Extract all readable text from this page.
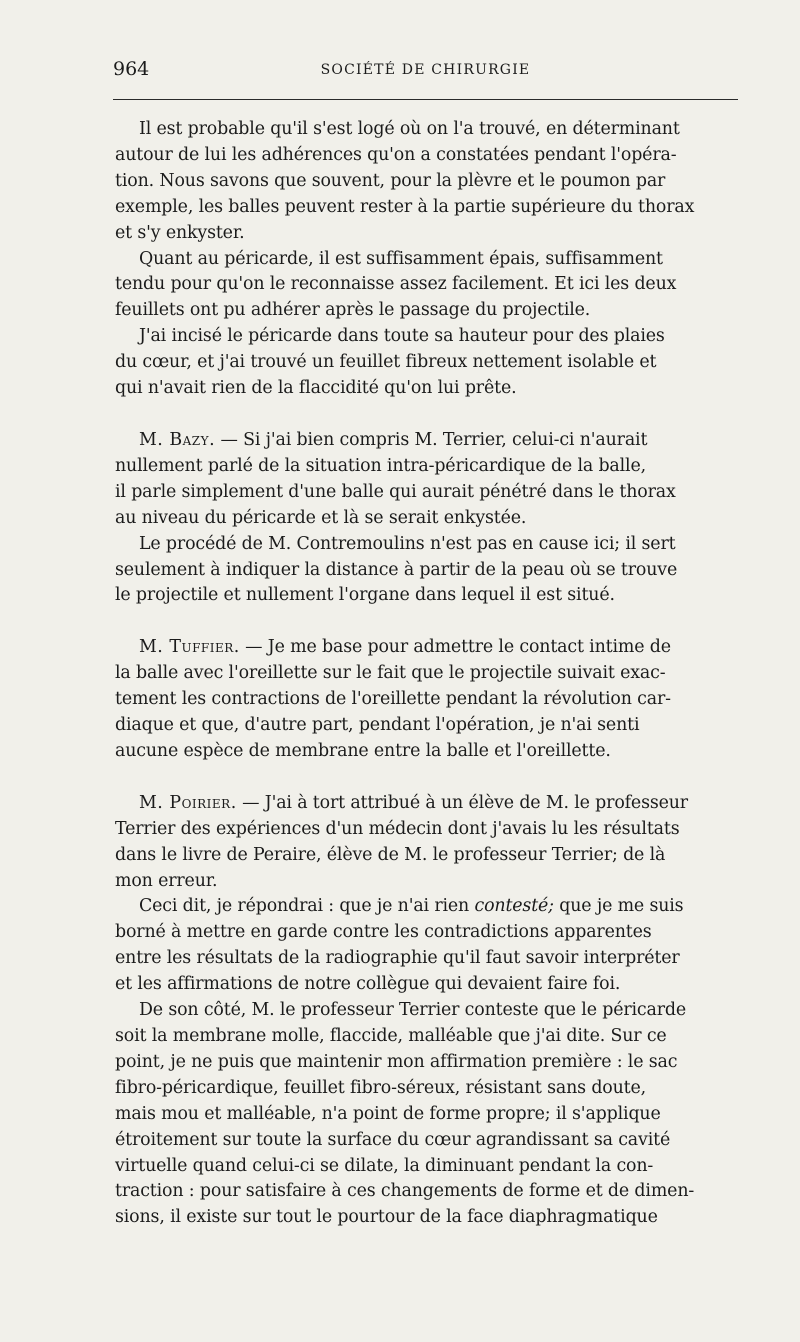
964	SOCIÉTÉ DE CHIRURGIE
Il est probable qu'il s'est logé où on l'a trouvé, en déterminant
autour de lui les adhérences qu'on a constatées pendant l'opéra-
tion. Nous savons que souvent, pour la plèvre et le poumon par
exemple, les balles peuvent rester à la partie supérieure du thorax
et s'y enkyster.
Quant au péricarde, il est suffisamment épais, suffisamment
tendu pour qu'on le reconnaisse assez facilement. Et ici les deux
feuillets ont pu adhérer après le passage du projectile.
J'ai incisé le péricarde dans toute sa hauteur pour des plaies
du cœur, et j'ai trouvé un feuillet fibreux nettement isolable et
qui n'avait rien de la flaccidité qu'on lui prête.
M. Bazy. — Si j'ai bien compris M. Terrier, celui-ci n'aurait
nullement parlé de la situation intra-péricardique de la balle,
il parle simplement d'une balle qui aurait pénétré dans le thorax
au niveau du péricarde et là se serait enkystée.
Le procédé de M. Contremoulins n'est pas en cause ici; il sert
seulement à indiquer la distance à partir de la peau où se trouve
le projectile et nullement l'organe dans lequel il est situé.
M. Tuffier. — Je me base pour admettre le contact intime de
la balle avec l'oreillette sur le fait que le projectile suivait exac-
tement les contractions de l'oreillette pendant la révolution car-
diaque et que, d'autre part, pendant l'opération, je n'ai senti
aucune espèce de membrane entre la balle et l'oreillette.
M. Poirier. — J'ai à tort attribué à un élève de M. le professeur
Terrier des expériences d'un médecin dont j'avais lu les résultats
dans le livre de Peraire, élève de M. le professeur Terrier; de là
mon erreur.
Ceci dit, je répondrai : que je n'ai rien contesté; que je me suis
borné à mettre en garde contre les contradictions apparentes
entre les résultats de la radiographie qu'il faut savoir interpréter
et les affirmations de notre collègue qui devaient faire foi.
De son côté, M. le professeur Terrier conteste que le péricarde
soit la membrane molle, flaccide, malléable que j'ai dite. Sur ce
point, je ne puis que maintenir mon affirmation première : le sac
fibro-péricardique, feuillet fibro-séreux, résistant sans doute,
mais mou et malléable, n'a point de forme propre; il s'applique
étroitement sur toute la surface du cœur agrandissant sa cavité
virtuelle quand celui-ci se dilate, la diminuant pendant la con-
traction : pour satisfaire à ces changements de forme et de dimen-
sions, il existe sur tout le pourtour de la face diaphragmatique
